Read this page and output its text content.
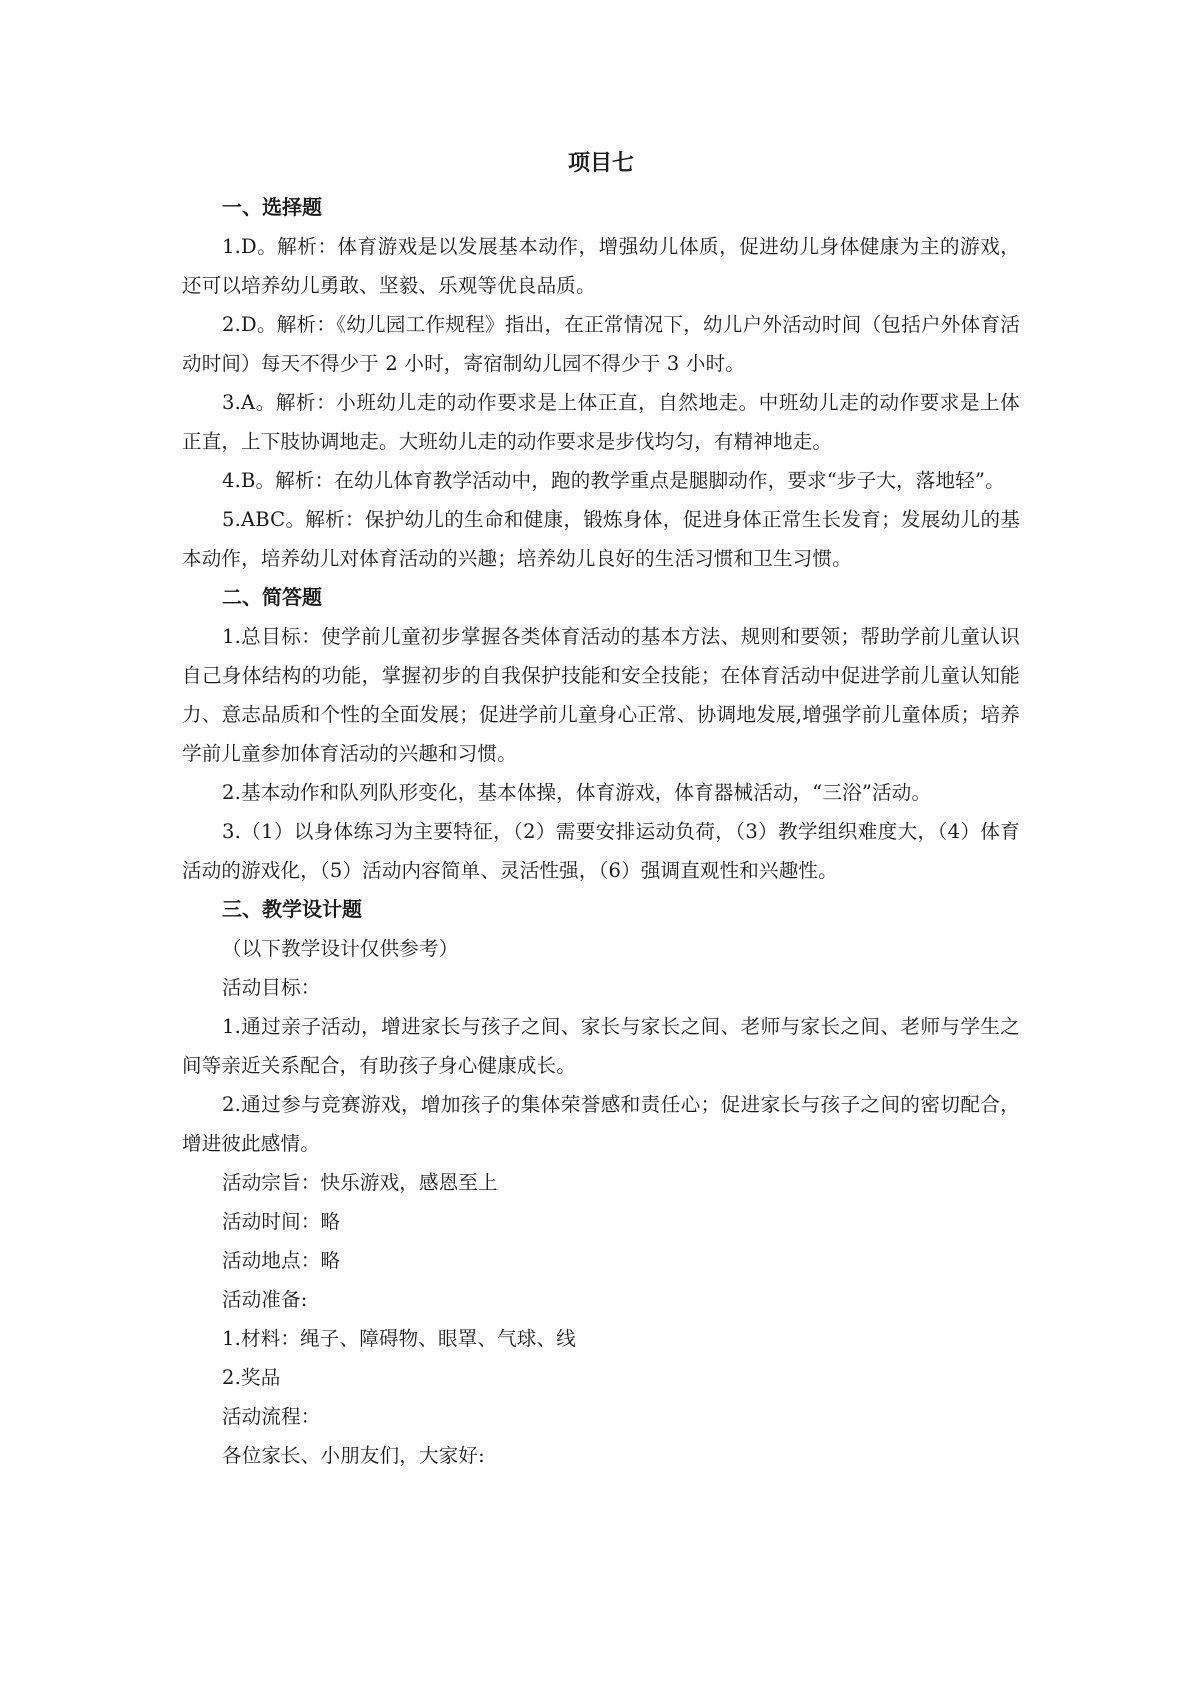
项目七

一、选择题

1.D。解析：体育游戏是以发展基本动作，增强幼儿体质，促进幼儿身体健康为主的游戏，还可以培养幼儿勇敢、坚毅、乐观等优良品质。

2.D。解析：《幼儿园工作规程》指出，在正常情况下，幼儿户外活动时间（包括户外体育活动时间）每天不得少于 2 小时，寄宿制幼儿园不得少于 3 小时。

3.A。解析：小班幼儿走的动作要求是上体正直，自然地走。中班幼儿走的动作要求是上体正直，上下肢协调地走。大班幼儿走的动作要求是步伐均匀，有精神地走。

4.B。解析：在幼儿体育教学活动中，跑的教学重点是腿脚动作，要求“步子大，落地轻”。

5.ABC。解析：保护幼儿的生命和健康，锻炼身体，促进身体正常生长发育；发展幼儿的基本动作，培养幼儿对体育活动的兴趣；培养幼儿良好的生活习惯和卫生习惯。

二、简答题

1.总目标：使学前儿童初步掌握各类体育活动的基本方法、规则和要领；帮助学前儿童认识自己身体结构的功能，掌握初步的自我保护技能和安全技能；在体育活动中促进学前儿童认知能力、意志品质和个性的全面发展；促进学前儿童身心正常、协调地发展,增强学前儿童体质；培养学前儿童参加体育活动的兴趣和习惯。

2.基本动作和队列队形变化，基本体操，体育游戏，体育器械活动，“三浴”活动。

3.（1）以身体练习为主要特征，（2）需要安排运动负荷，（3）教学组织难度大，（4）体育活动的游戏化，（5）活动内容简单、灵活性强，（6）强调直观性和兴趣性。

三、教学设计题

（以下教学设计仅供参考）

活动目标：

1.通过亲子活动，增进家长与孩子之间、家长与家长之间、老师与家长之间、老师与学生之间等亲近关系配合，有助孩子身心健康成长。

2.通过参与竞赛游戏，增加孩子的集体荣誉感和责任心；促进家长与孩子之间的密切配合，增进彼此感情。

活动宗旨：快乐游戏，感恩至上

活动时间：略

活动地点：略

活动准备:

1.材料：绳子、障碍物、眼罩、气球、线

2.奖品

活动流程：

各位家长、小朋友们，大家好:
